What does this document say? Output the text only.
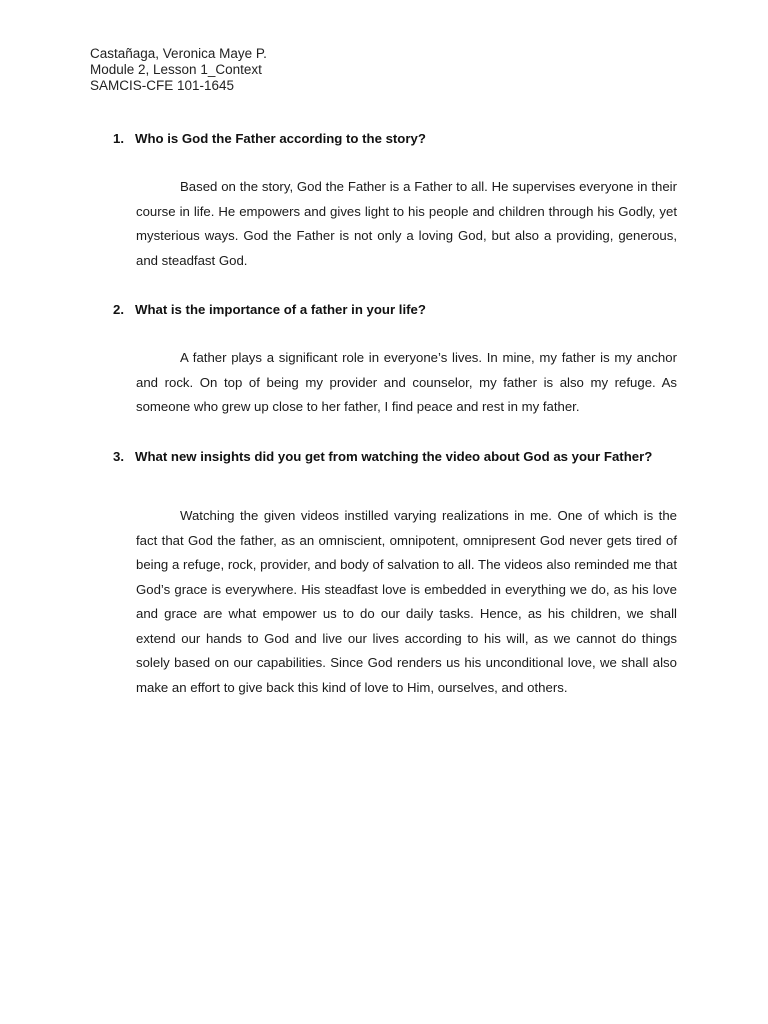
Castañaga, Veronica Maye P.
Module 2, Lesson 1_Context
SAMCIS-CFE 101-1645
1. Who is God the Father according to the story?

Based on the story, God the Father is a Father to all. He supervises everyone in their course in life. He empowers and gives light to his people and children through his Godly, yet mysterious ways. God the Father is not only a loving God, but also a providing, generous, and steadfast God.

2. What is the importance of a father in your life?

A father plays a significant role in everyone’s lives. In mine, my father is my anchor and rock. On top of being my provider and counselor, my father is also my refuge. As someone who grew up close to her father, I find peace and rest in my father.

3. What new insights did you get from watching the video about God as your Father?

Watching the given videos instilled varying realizations in me. One of which is the fact that God the father, as an omniscient, omnipotent, omnipresent God never gets tired of being a refuge, rock, provider, and body of salvation to all. The videos also reminded me that God’s grace is everywhere. His steadfast love is embedded in everything we do, as his love and grace are what empower us to do our daily tasks. Hence, as his children, we shall extend our hands to God and live our lives according to his will, as we cannot do things solely based on our capabilities. Since God renders us his unconditional love, we shall also make an effort to give back this kind of love to Him, ourselves, and others.
